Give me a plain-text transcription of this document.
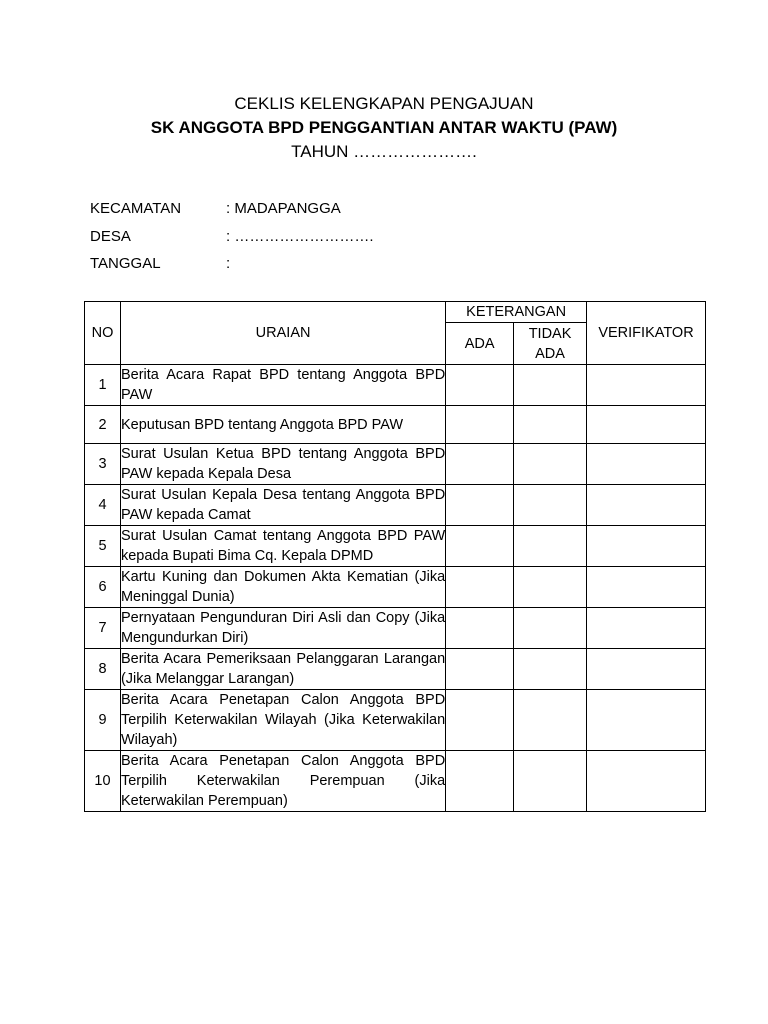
CEKLIS KELENGKAPAN PENGAJUAN
SK ANGGOTA BPD PENGGANTIAN ANTAR WAKTU (PAW)
TAHUN ………………….
KECAMATAN	: MADAPANGGA
DESA	: ……………………….
TANGGAL	:
NO	URAIAN	KETERANGAN		VERIFIKATOR
		ADA	TIDAK ADA	
1	Berita Acara Rapat BPD tentang Anggota BPD PAW			
2	Keputusan BPD tentang Anggota BPD PAW			
3	Surat Usulan Ketua BPD tentang Anggota BPD PAW kepada Kepala Desa			
4	Surat Usulan Kepala Desa tentang Anggota BPD PAW kepada Camat			
5	Surat Usulan Camat tentang Anggota BPD PAW kepada Bupati Bima Cq. Kepala DPMD			
6	Kartu Kuning dan Dokumen Akta Kematian (Jika Meninggal Dunia)			
7	Pernyataan Pengunduran Diri Asli dan Copy (Jika Mengundurkan Diri)			
8	Berita Acara Pemeriksaan Pelanggaran Larangan (Jika Melanggar Larangan)			
9	Berita Acara Penetapan Calon Anggota BPD Terpilih Keterwakilan Wilayah (Jika Keterwakilan Wilayah)			
10	Berita Acara Penetapan Calon Anggota BPD Terpilih Keterwakilan Perempuan (Jika Keterwakilan Perempuan)			
